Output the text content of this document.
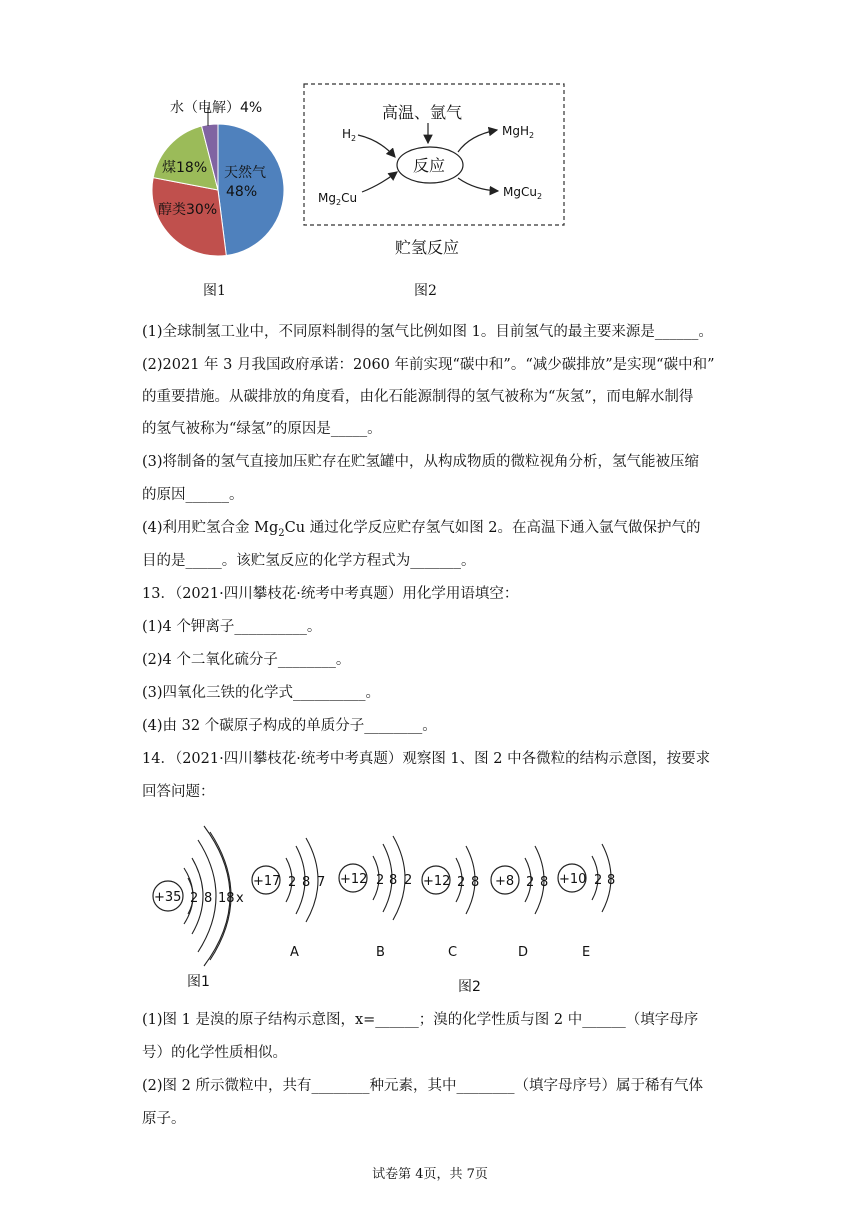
水（电解）4%
煤18%
醇类30%
天然气
48%
图1
高温、氩气
反应
$H_2$
$Mg_2Cu$
MgH$_2$
MgCu$_2$
贮氢反应
图2
(1)全球制氢工业中，不同原料制得的氢气比例如图 1。目前氢气的最主要来源是______。
(2)2021 年 3 月我国政府承诺：2060 年前实现“碳中和”。“减少碳排放”是实现“碳中和”
的重要措施。从碳排放的角度看，由化石能源制得的氢气被称为“灰氢”，而电解水制得
的氢气被称为“绿氢”的原因是_____。
(3)将制备的氢气直接加压贮存在贮氢罐中，从构成物质的微粒视角分析，氢气能被压缩
的原因______。
(4)利用贮氢合金 $Mg_2Cu$ 通过化学反应贮存氢气如图 2。在高温下通入氩气做保护气的
目的是_____。该贮氢反应的化学方程式为_______。
13．（2021·四川攀枝花·统考中考真题）用化学用语填空：
(1)4 个钾离子__________。
(2)4 个二氧化硫分子________。
(3)四氧化三铁的化学式__________。
(4)由 32 个碳原子构成的单质分子________。
14．（2021·四川攀枝花·统考中考真题）观察图 1、图 2 中各微粒的结构示意图，按要求
回答问题：
+35 2 8 18 x
+17 2 8 7
A
+12 2 8 2
B
+12 2 8
C
+8 2 8
D
+10 2 8
E
图1	图2
(1)图 1 是溴的原子结构示意图，x=______；溴的化学性质与图 2 中______（填字母序
号）的化学性质相似。
(2)图 2 所示微粒中，共有________种元素，其中________（填字母序号）属于稀有气体
原子。
试卷第 4页，共 7页
